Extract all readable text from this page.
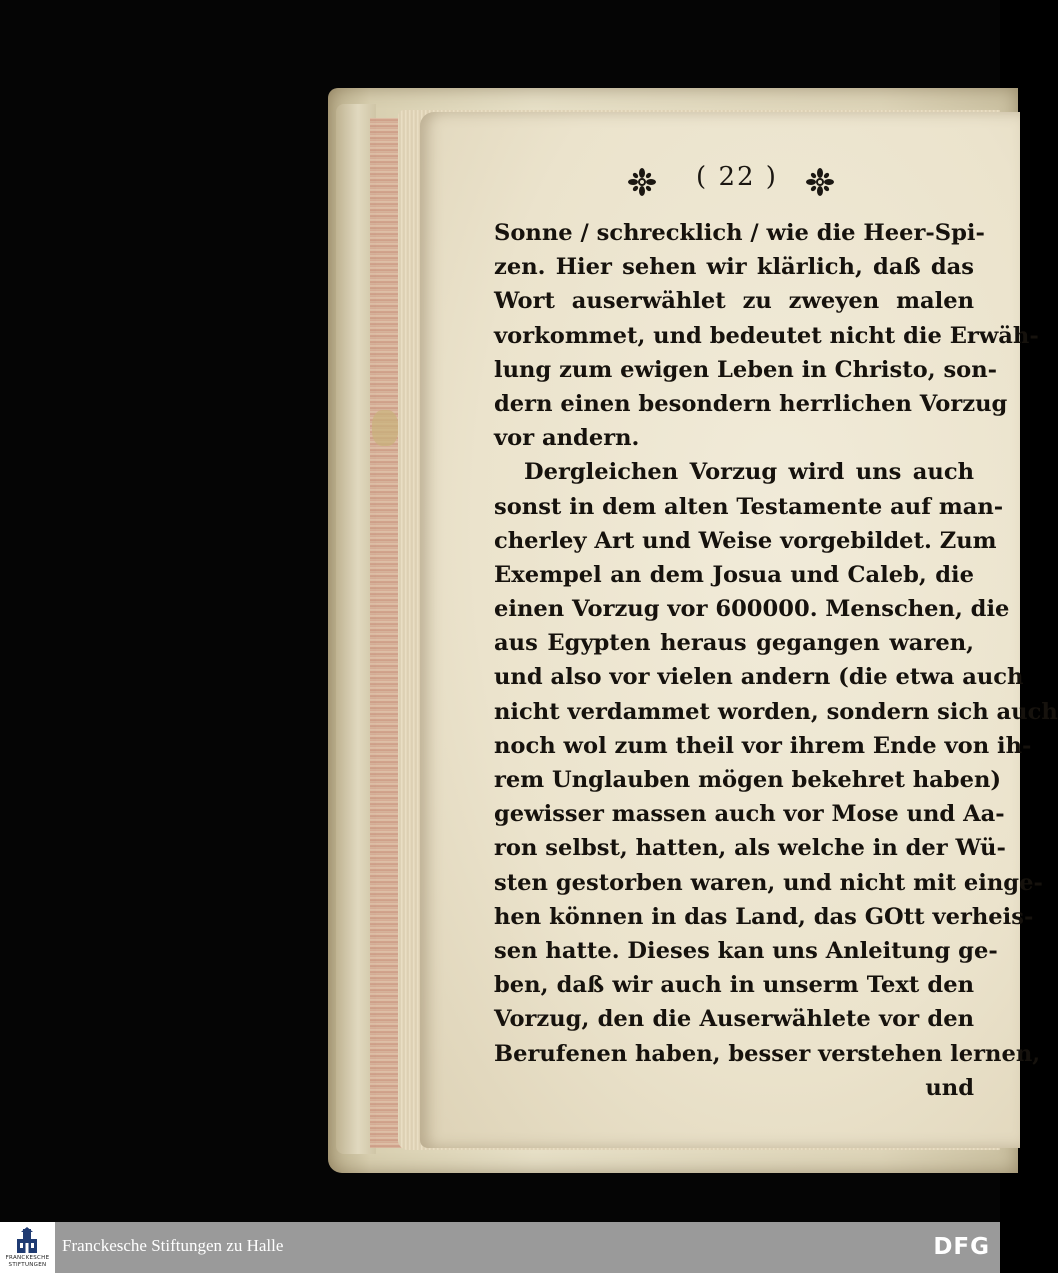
( 22 )
Sonne / schrecklich / wie die Heer-Spi-
zen. Hier sehen wir klärlich, daß das
Wort auserwählet zu zweyen malen
vorkommet, und bedeutet nicht die Erwäh-
lung zum ewigen Leben in Christo, son-
dern einen besondern herrlichen Vorzug
vor andern.
Dergleichen Vorzug wird uns auch
sonst in dem alten Testamente auf man-
cherley Art und Weise vorgebildet. Zum
Exempel an dem Josua und Caleb, die
einen Vorzug vor 600000. Menschen, die
aus Egypten heraus gegangen waren,
und also vor vielen andern (die etwa auch
nicht verdammet worden, sondern sich auch
noch wol zum theil vor ihrem Ende von ih-
rem Unglauben mögen bekehret haben)
gewisser massen auch vor Mose und Aa-
ron selbst, hatten, als welche in der Wü-
sten gestorben waren, und nicht mit einge-
hen können in das Land, das GOtt verheis-
sen hatte. Dieses kan uns Anleitung ge-
ben, daß wir auch in unserm Text den
Vorzug, den die Auserwählete vor den
Berufenen haben, besser verstehen lernen,
und
FRANCKESCHE
STIFTUNGEN
Franckesche Stiftungen zu Halle	DFG
